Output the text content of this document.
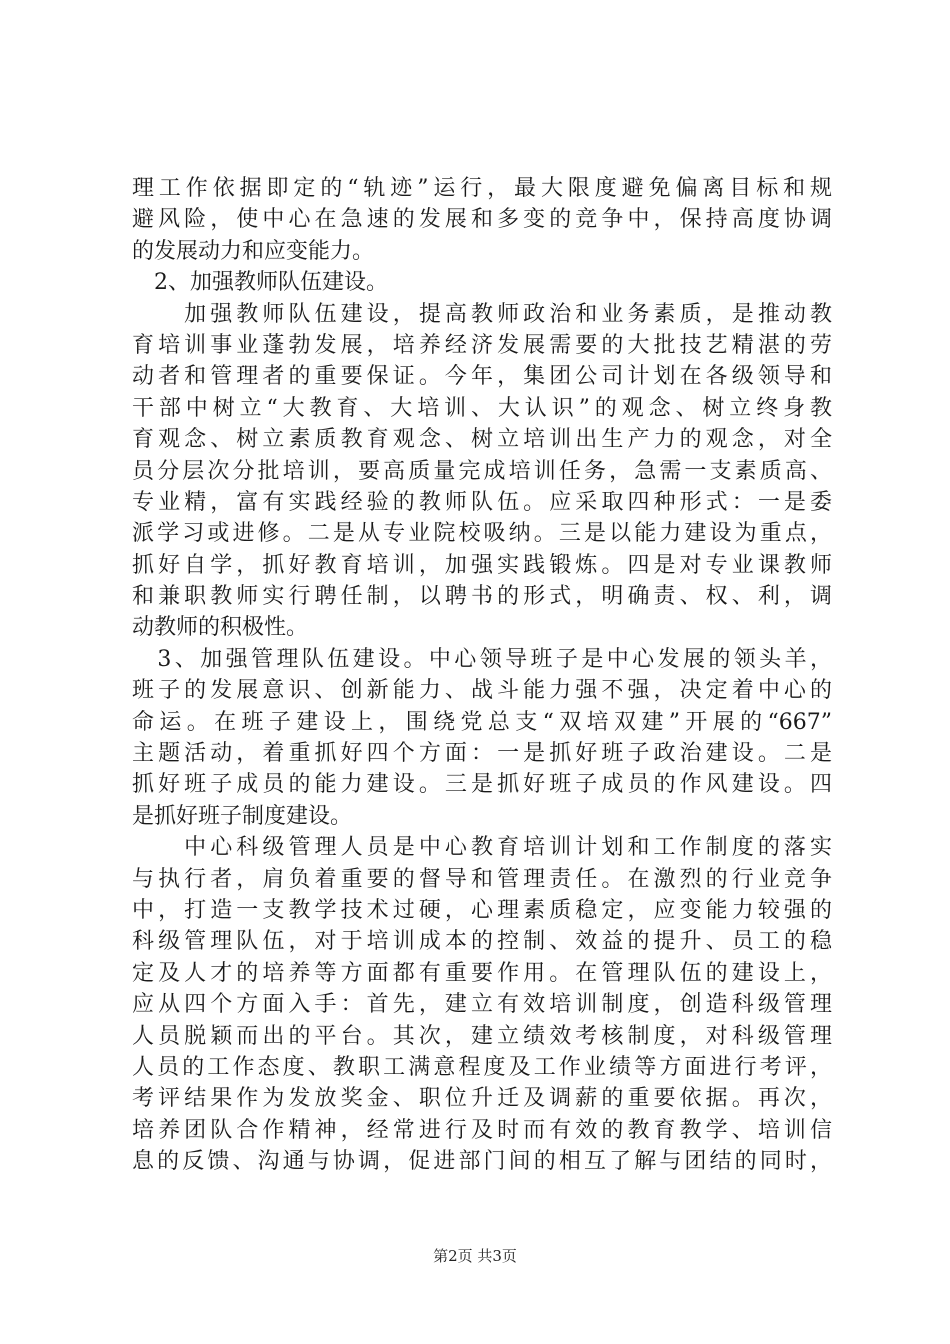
理工作依据即定的“轨迹”运行，最大限度避免偏离目标和规
避风险，使中心在急速的发展和多变的竞争中，保持高度协调
的发展动力和应变能力。
　2、加强教师队伍建设。
　　加强教师队伍建设，提高教师政治和业务素质，是推动教
育培训事业蓬勃发展，培养经济发展需要的大批技艺精湛的劳
动者和管理者的重要保证。今年，集团公司计划在各级领导和
干部中树立“大教育、大培训、大认识”的观念、树立终身教
育观念、树立素质教育观念、树立培训出生产力的观念，对全
员分层次分批培训，要高质量完成培训任务，急需一支素质高、
专业精，富有实践经验的教师队伍。应采取四种形式：一是委
派学习或进修。二是从专业院校吸纳。三是以能力建设为重点，
抓好自学，抓好教育培训，加强实践锻炼。四是对专业课教师
和兼职教师实行聘任制，以聘书的形式，明确责、权、利，调
动教师的积极性。
　3、加强管理队伍建设。中心领导班子是中心发展的领头羊，
班子的发展意识、创新能力、战斗能力强不强，决定着中心的
命运。在班子建设上，围绕党总支“双培双建”开展的“667”
主题活动，着重抓好四个方面：一是抓好班子政治建设。二是
抓好班子成员的能力建设。三是抓好班子成员的作风建设。四
是抓好班子制度建设。
　　中心科级管理人员是中心教育培训计划和工作制度的落实
与执行者，肩负着重要的督导和管理责任。在激烈的行业竞争
中，打造一支教学技术过硬，心理素质稳定，应变能力较强的
科级管理队伍，对于培训成本的控制、效益的提升、员工的稳
定及人才的培养等方面都有重要作用。在管理队伍的建设上，
应从四个方面入手：首先，建立有效培训制度，创造科级管理
人员脱颖而出的平台。其次，建立绩效考核制度，对科级管理
人员的工作态度、教职工满意程度及工作业绩等方面进行考评，
考评结果作为发放奖金、职位升迁及调薪的重要依据。再次，
培养团队合作精神，经常进行及时而有效的教育教学、培训信
息的反馈、沟通与协调，促进部门间的相互了解与团结的同时，
第2页 共3页
